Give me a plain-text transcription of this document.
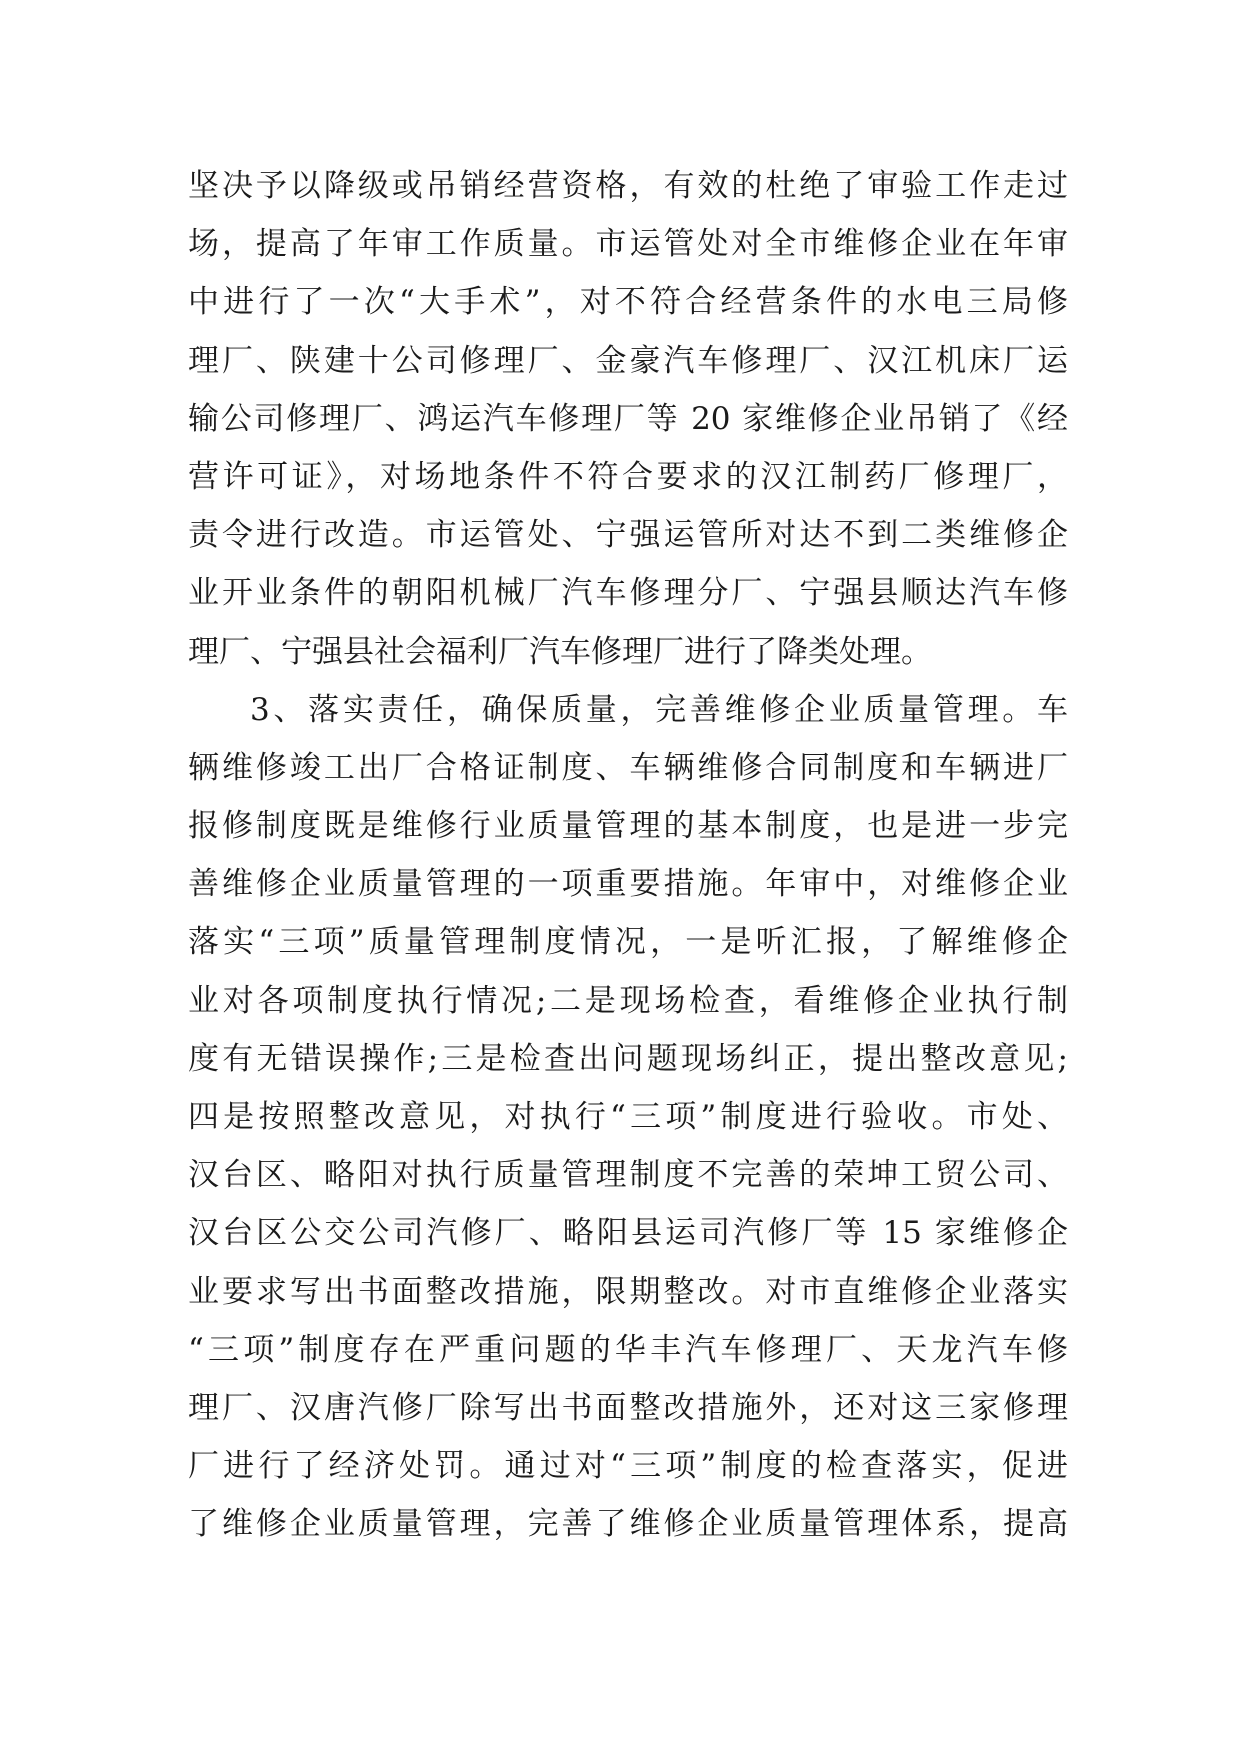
坚决予以降级或吊销经营资格，有效的杜绝了审验工作走过
场，提高了年审工作质量。市运管处对全市维修企业在年审
中进行了一次“大手术”，对不符合经营条件的水电三局修
理厂、陕建十公司修理厂、金豪汽车修理厂、汉江机床厂运
输公司修理厂、鸿运汽车修理厂等 20 家维修企业吊销了《经
营许可证》，对场地条件不符合要求的汉江制药厂修理厂，
责令进行改造。市运管处、宁强运管所对达不到二类维修企
业开业条件的朝阳机械厂汽车修理分厂、宁强县顺达汽车修
理厂、宁强县社会福利厂汽车修理厂进行了降类处理。
3、落实责任，确保质量，完善维修企业质量管理。车
辆维修竣工出厂合格证制度、车辆维修合同制度和车辆进厂
报修制度既是维修行业质量管理的基本制度，也是进一步完
善维修企业质量管理的一项重要措施。年审中，对维修企业
落实“三项”质量管理制度情况，一是听汇报，了解维修企
业对各项制度执行情况;二是现场检查，看维修企业执行制
度有无错误操作;三是检查出问题现场纠正，提出整改意见;
四是按照整改意见，对执行“三项”制度进行验收。市处、
汉台区、略阳对执行质量管理制度不完善的荣坤工贸公司、
汉台区公交公司汽修厂、略阳县运司汽修厂等 15 家维修企
业要求写出书面整改措施，限期整改。对市直维修企业落实
“三项”制度存在严重问题的华丰汽车修理厂、天龙汽车修
理厂、汉唐汽修厂除写出书面整改措施外，还对这三家修理
厂进行了经济处罚。通过对“三项”制度的检查落实，促进
了维修企业质量管理，完善了维修企业质量管理体系，提高
